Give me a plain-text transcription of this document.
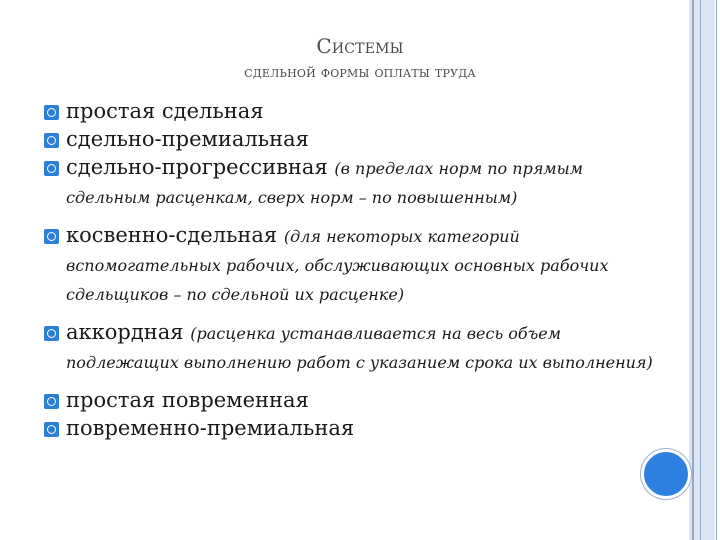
Системы
сдельной формы оплаты труда
простая сдельная
сдельно-премиальная
сдельно-прогрессивная (в пределах норм по прямым сдельным расценкам, сверх норм – по повышенным)
косвенно-сдельная (для некоторых категорий вспомогательных рабочих, обслуживающих основных рабочих сдельщиков – по сдельной их расценке)
аккордная (расценка устанавливается на весь объем подлежащих выполнению работ с указанием срока их выполнения)
простая повременная
повременно-премиальная
